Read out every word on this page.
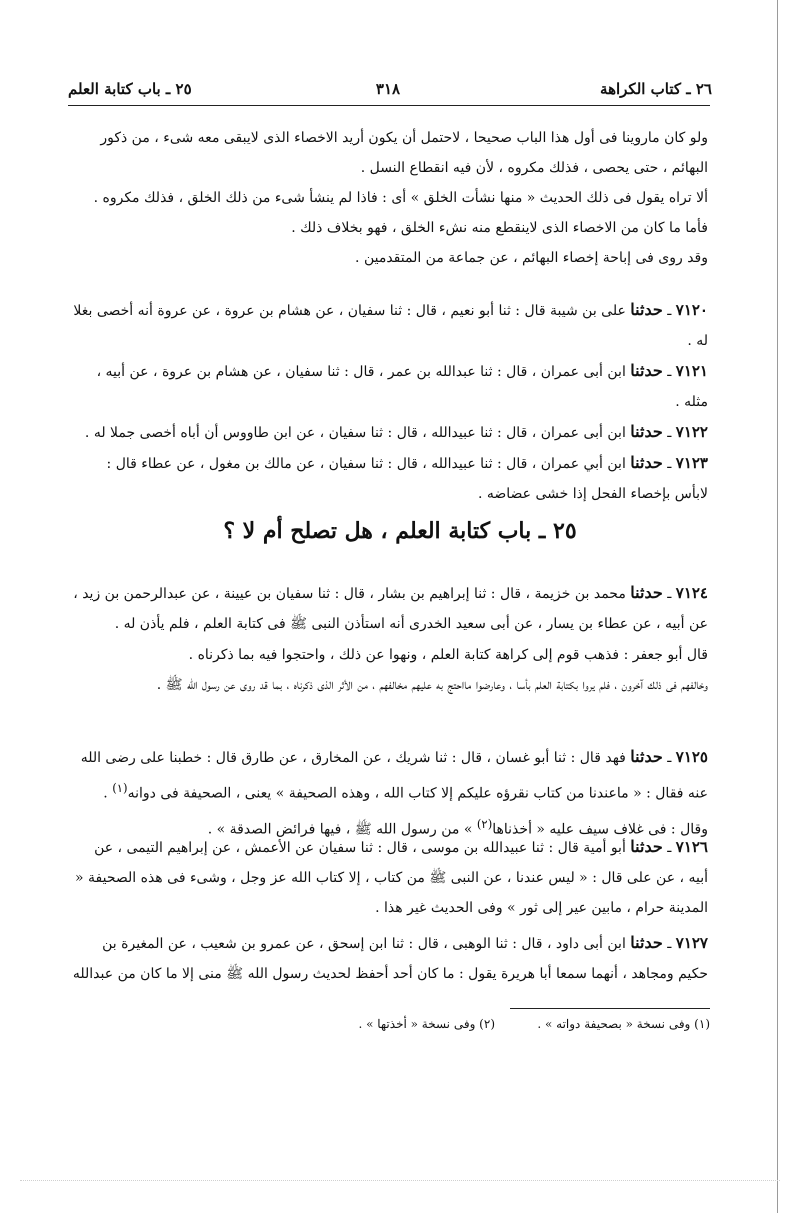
٢٦ ـ كتاب الكراهة
٣١٨
٢٥ ـ باب كتابة العلم

ولو كان ماروينا فى أول هذا الباب صحيحا ، لاحتمل أن يكون أريد الاخصاء الذى لايبقى معه شىء ، من ذكور البهائم ، حتى يحصى ، فذلك مكروه ، لأن فيه انقطاع النسل .

ألا تراه يقول فى ذلك الحديث « منها نشأت الخلق » أى : فاذا لم ينشأ شىء من ذلك الخلق ، فذلك مكروه .

فأما ما كان من الاخصاء الذى لاينقطع منه نشء الخلق ، فهو بخلاف ذلك .

وقد روى فى إباحة إخصاء البهائم ، عن جماعة من المتقدمين .

٧١٢٠ ـ حدثنا على بن شيبة قال : ثنا أبو نعيم ، قال : ثنا سفيان ، عن هشام بن عروة ، عن عروة أنه أخصى بغلا له .

٧١٢١ ـ حدثنا ابن أبى عمران ، قال : ثنا عبدالله بن عمر ، قال : ثنا سفيان ، عن هشام بن عروة ، عن أبيه ، مثله .

٧١٢٢ ـ حدثنا ابن أبى عمران ، قال : ثنا عبيدالله ، قال : ثنا سفيان ، عن ابن طاووس أن أباه أخصى جملا له .

٧١٢٣ ـ حدثنا ابن أبي عمران ، قال : ثنا عبيدالله ، قال : ثنا سفيان ، عن مالك بن مغول ، عن عطاء قال : لابأس بإخصاء الفحل إذا خشى عضاضه .

٢٥ ـ باب كتابة العلم ، هل تصلح أم لا ؟

٧١٢٤ ـ حدثنا محمد بن خزيمة ، قال : ثنا إبراهيم بن بشار ، قال : ثنا سفيان بن عيينة ، عن عبدالرحمن بن زيد ، عن أبيه ، عن عطاء بن يسار ، عن أبى سعيد الخدرى أنه استأذن النبى ﷺ فى كتابة العلم ، فلم يأذن له .

قال أبو جعفر : فذهب قوم إلى كراهة كتابة العلم ، ونهوا عن ذلك ، واحتجوا فيه بما ذكرناه .

وخالفهم فى ذلك آخرون ، فلم يروا بكتابة العلم بأسا ، وعارضوا مااحتج به عليهم مخالفهم ، من الأثر الذى ذكرناه ، بما قد روى عن رسول الله ﷺ .

٧١٢٥ ـ حدثنا فهد قال : ثنا أبو غسان ، قال : ثنا شريك ، عن المخارق ، عن طارق قال : خطبنا على رضى الله عنه فقال : « ماعندنا من كتاب نقرؤه عليكم إلا كتاب الله ، وهذه الصحيفة » يعنى ، الصحيفة فى دوانه$^{(١)}$ .

وقال : فى غلاف سيف عليه « أخذناها$^{(٢)}$ » من رسول الله ﷺ ، فيها فرائض الصدقة » .

٧١٢٦ ـ حدثنا أبو أمية قال : ثنا عبيدالله بن موسى ، قال : ثنا سفيان عن الأعمش ، عن إبراهيم التيمى ، عن أبيه ، عن على قال : « ليس عندنا ، عن النبى ﷺ من كتاب ، إلا كتاب الله عز وجل ، وشىء فى هذه الصحيفة « المدينة حرام ، مابين عير إلى ثور » وفى الحديث غير هذا .

٧١٢٧ ـ حدثنا ابن أبى داود ، قال : ثنا الوهبى ، قال : ثنا ابن إسحق ، عن عمرو بن شعيب ، عن المغيرة بن حكيم ومجاهد ، أنهما سمعا أبا هريرة يقول : ما كان أحد أحفظ لحديث رسول الله ﷺ منى إلا ما كان من عبدالله

(١) وفى نسخة « بصحيفة دواته » .
(٢) وفى نسخة « أخذتها » .
